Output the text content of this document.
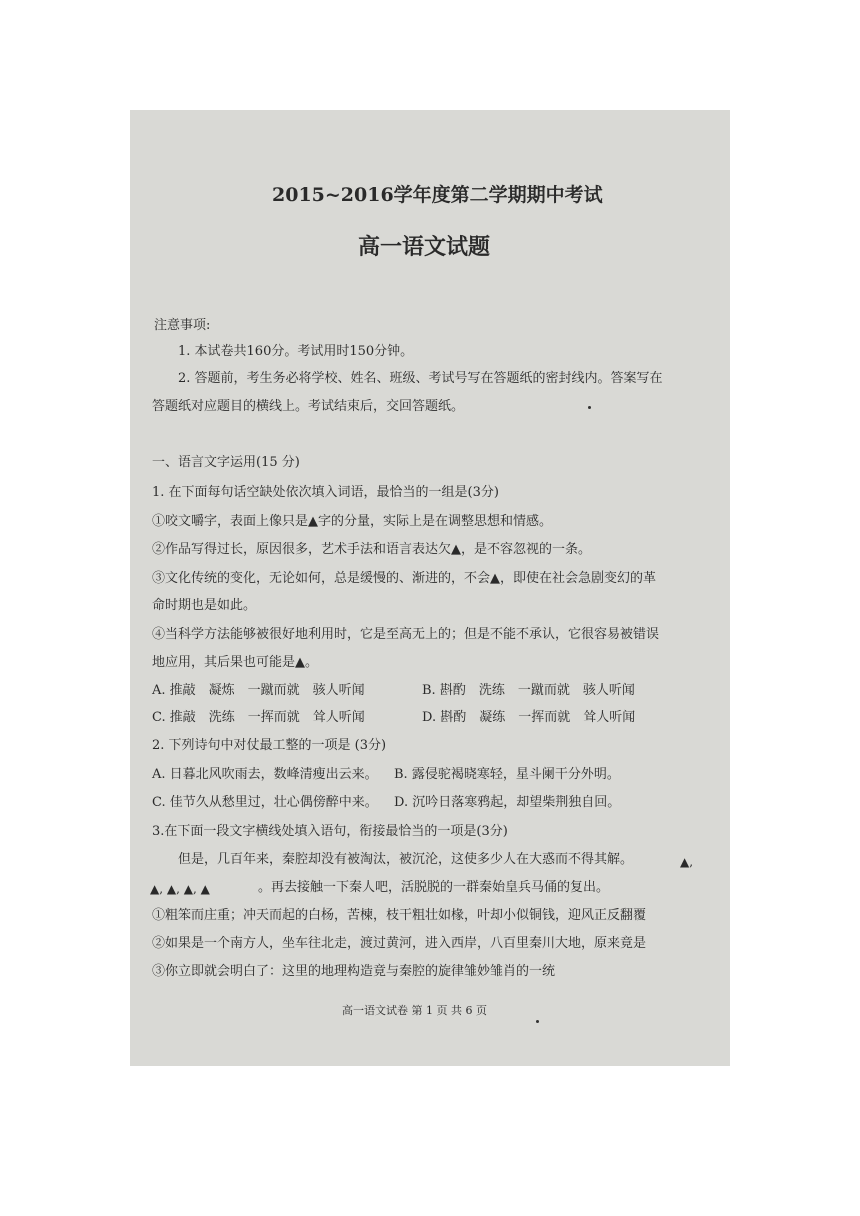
2015~2016学年度第二学期期中考试
高一语文试题
注意事项:
1. 本试卷共160分。考试用时150分钟。
2. 答题前，考生务必将学校、姓名、班级、考试号写在答题纸的密封线内。答案写在
答题纸对应题目的横线上。考试结束后，交回答题纸。
一、语言文字运用(15 分)
1. 在下面每句话空缺处依次填入词语，最恰当的一组是(3分)
①咬文嚼字，表面上像只是▲字的分量，实际上是在调整思想和情感。
②作品写得过长，原因很多，艺术手法和语言表达欠▲，是不容忽视的一条。
③文化传统的变化，无论如何，总是缓慢的、渐进的，不会▲，即使在社会急剧变幻的革
命时期也是如此。
④当科学方法能够被很好地利用时，它是至高无上的；但是不能不承认，它很容易被错误
地应用，其后果也可能是▲。
A. 推敲　凝炼　一蹴而就　骇人听闻	B. 斟酌　洗练　一蹴而就　骇人听闻
C. 推敲　洗练　一挥而就　耸人听闻	D. 斟酌　凝练　一挥而就　耸人听闻
2. 下列诗句中对仗最工整的一项是 (3分)
A. 日暮北风吹雨去，数峰清瘦出云来。 B. 露侵驼褐晓寒轻，星斗阑干分外明。
C. 佳节久从愁里过，壮心偶傍醉中来。 D. 沉吟日落寒鸦起，却望柴荆独自回。
3.在下面一段文字横线处填入语句，衔接最恰当的一项是(3分)
但是，几百年来，秦腔却没有被淘汰，被沉沦，这使多少人在大惑而不得其解。	▲,
▲, ▲, ▲, ▲	。再去接触一下秦人吧，活脱脱的一群秦始皇兵马俑的复出。
①粗笨而庄重；冲天而起的白杨，苦楝，枝干粗壮如椽，叶却小似铜钱，迎风正反翻覆
②如果是一个南方人，坐车往北走，渡过黄河，进入西岸，八百里秦川大地，原来竟是
③你立即就会明白了：这里的地理构造竟与秦腔的旋律雏妙雏肖的一统
高一语文试卷 第 1 页 共 6 页
